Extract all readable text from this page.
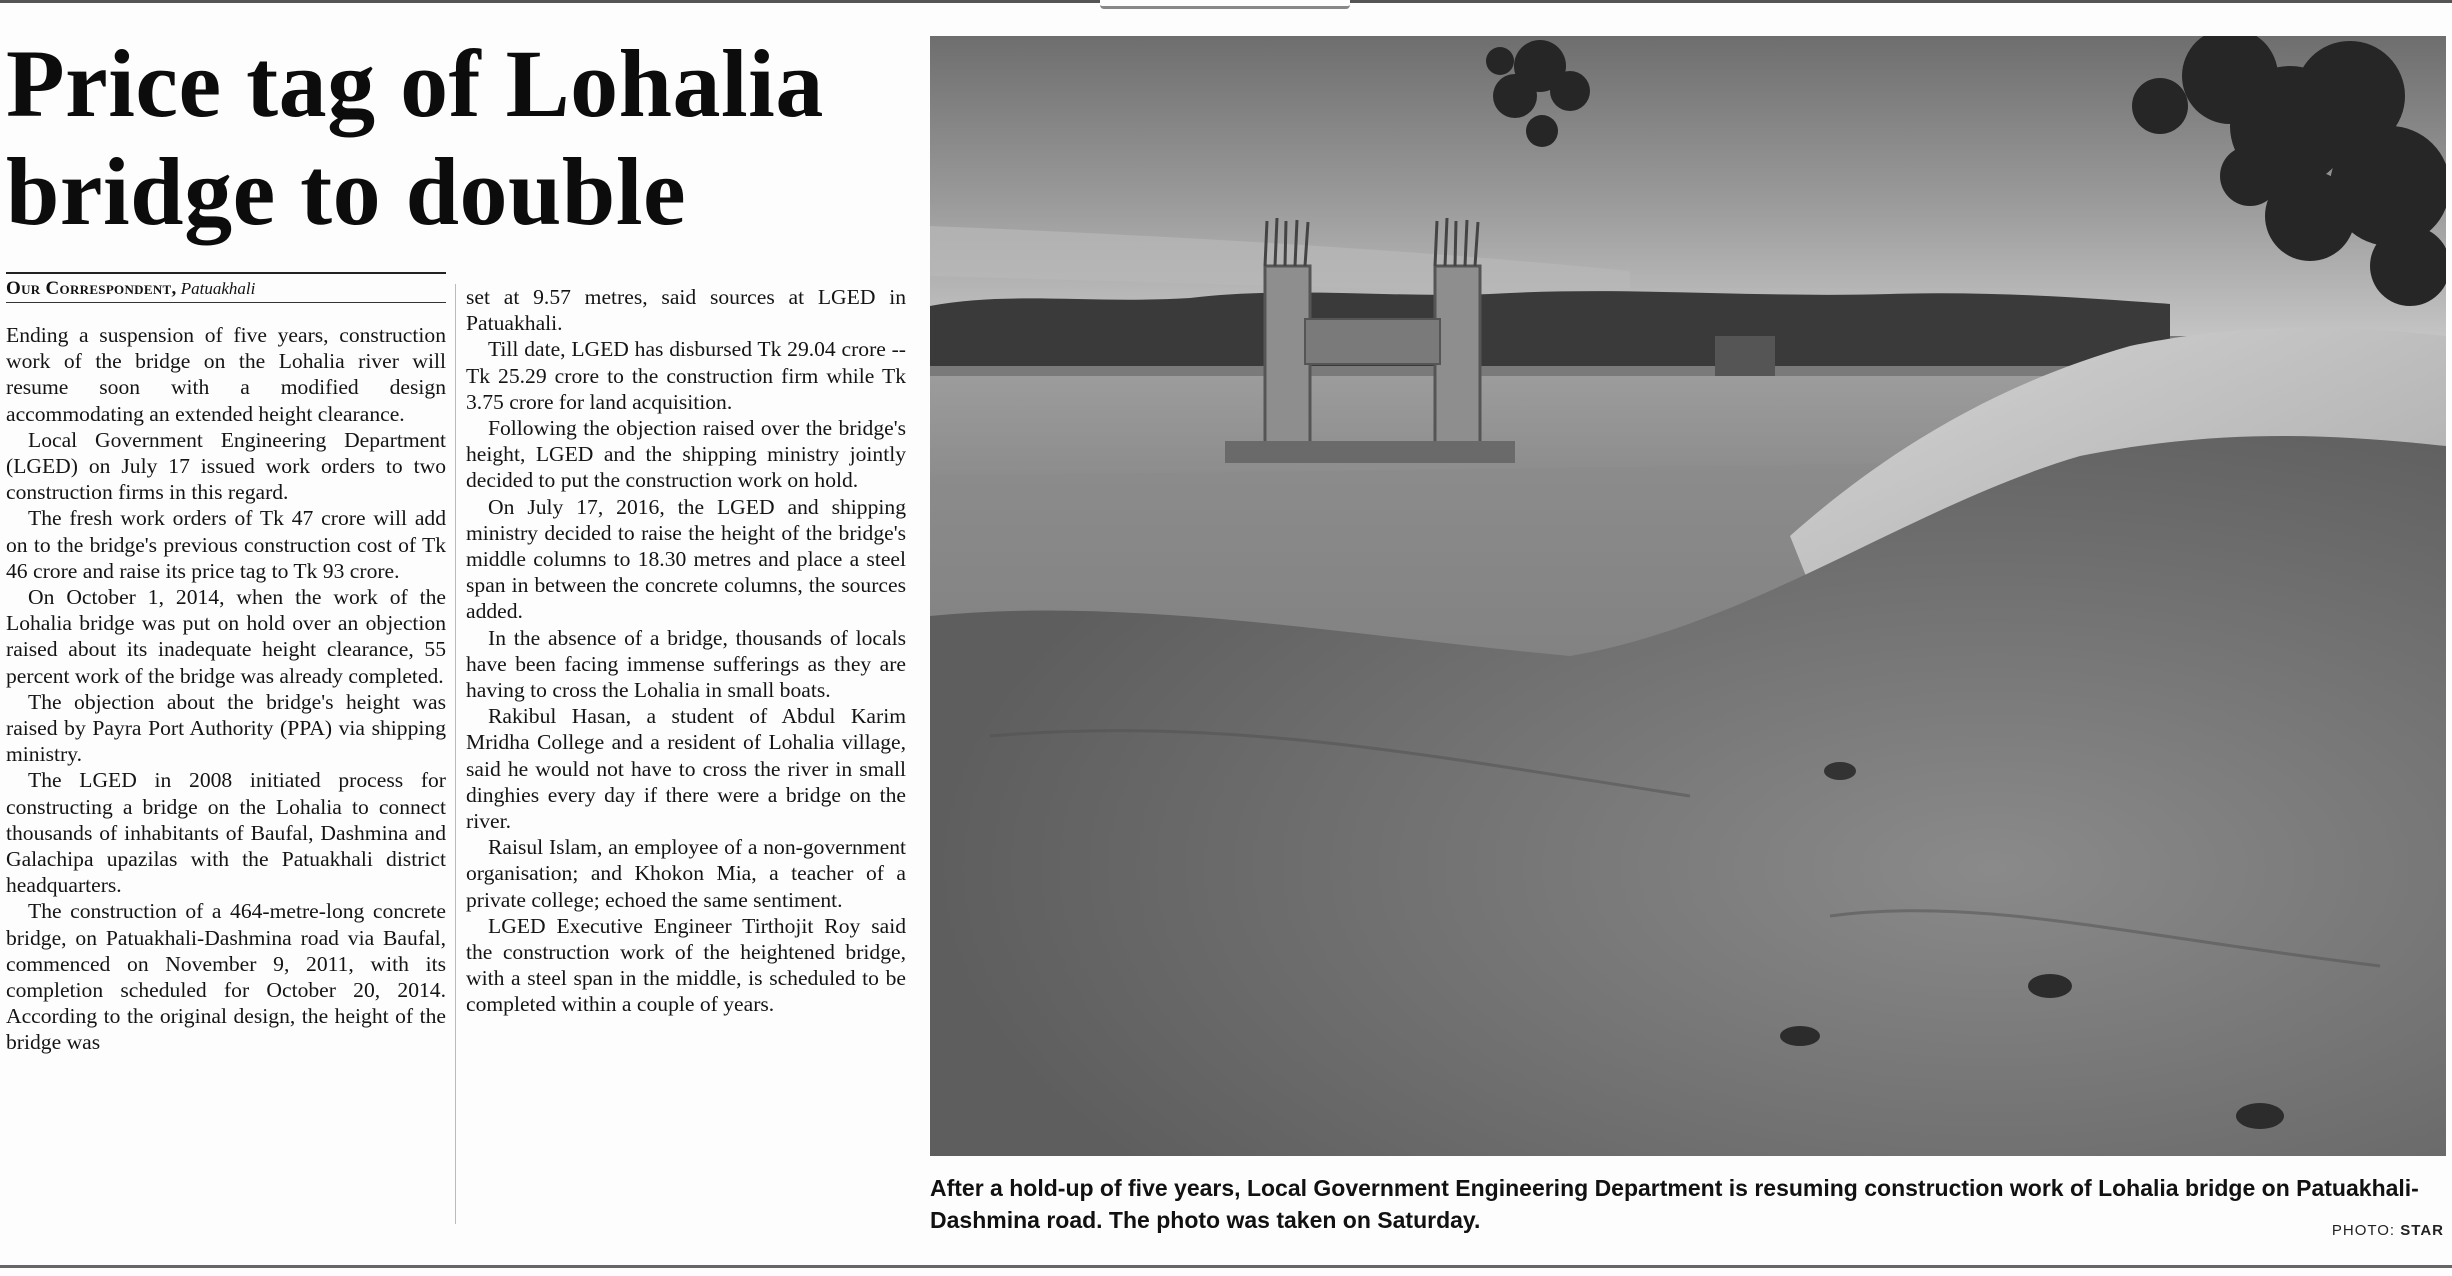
Price tag of Lohalia bridge to double
Our Correspondent, Patuakhali

Ending a suspension of five years, construction work of the bridge on the Lohalia river will resume soon with a modified design accommodating an extended height clearance.

Local Government Engineering Department (LGED) on July 17 issued work orders to two construction firms in this regard.

The fresh work orders of Tk 47 crore will add on to the bridge's previous construction cost of Tk 46 crore and raise its price tag to Tk 93 crore.

On October 1, 2014, when the work of the Lohalia bridge was put on hold over an objection raised about its inadequate height clearance, 55 percent work of the bridge was already completed.

The objection about the bridge's height was raised by Payra Port Authority (PPA) via shipping ministry.

The LGED in 2008 initiated process for constructing a bridge on the Lohalia to connect thousands of inhabitants of Baufal, Dashmina and Galachipa upazilas with the Patuakhali district headquarters.

The construction of a 464-metre-long concrete bridge, on Patuakhali-Dashmina road via Baufal, commenced on November 9, 2011, with its completion scheduled for October 20, 2014. According to the original design, the height of the bridge was

set at 9.57 metres, said sources at LGED in Patuakhali.

Till date, LGED has disbursed Tk 29.04 crore -- Tk 25.29 crore to the construction firm while Tk 3.75 crore for land acquisition.

Following the objection raised over the bridge's height, LGED and the shipping ministry jointly decided to put the construction work on hold.

On July 17, 2016, the LGED and shipping ministry decided to raise the height of the bridge's middle columns to 18.30 metres and place a steel span in between the concrete columns, the sources added.

In the absence of a bridge, thousands of locals have been facing immense sufferings as they are having to cross the Lohalia in small boats.

Rakibul Hasan, a student of Abdul Karim Mridha College and a resident of Lohalia village, said he would not have to cross the river in small dinghies every day if there were a bridge on the river.

Raisul Islam, an employee of a non-government organisation; and Khokon Mia, a teacher of a private college; echoed the same sentiment.

LGED Executive Engineer Tirthojit Roy said the construction work of the heightened bridge, with a steel span in the middle, is scheduled to be completed within a couple of years.

After a hold-up of five years, Local Government Engineering Department is resuming construction work of Lohalia bridge on Patuakhali-Dashmina road. The photo was taken on Saturday.	PHOTO: STAR
